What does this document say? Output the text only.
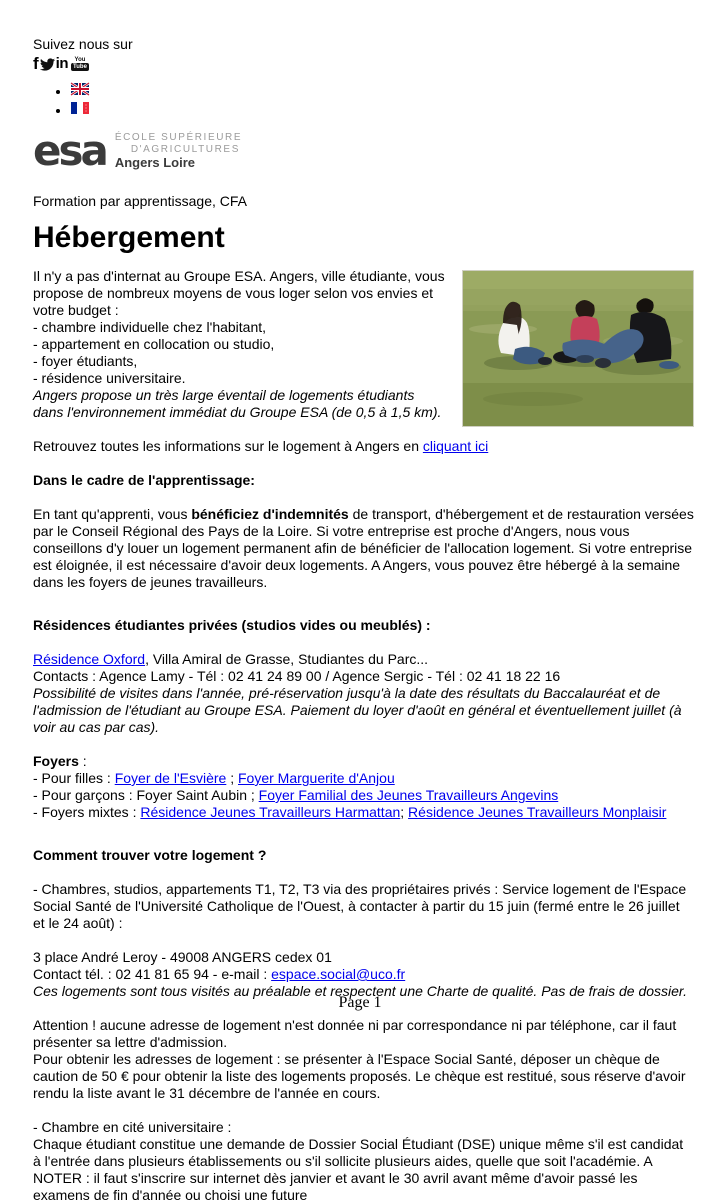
Suivez nous sur
f in You
Tube
•
•
esa ÉCOLE SUPÉRIEURE
D'AGRICULTURES
Angers Loire
Formation par apprentissage, CFA
Hébergement
Il n'y a pas d'internat au Groupe ESA. Angers, ville étudiante, vous propose de nombreux moyens de vous loger selon vos envies et votre budget :
- chambre individuelle chez l'habitant,
- appartement en collocation ou studio,
- foyer étudiants,
- résidence universitaire.
Angers propose un très large éventail de logements étudiants dans l'environnement immédiat du Groupe ESA (de 0,5 à 1,5 km).
Retrouvez toutes les informations sur le logement à Angers en cliquant ici
Dans le cadre de l'apprentissage:
En tant qu'apprenti, vous bénéficiez d'indemnités de transport, d'hébergement et de restauration versées par le Conseil Régional des Pays de la Loire. Si votre entreprise est proche d'Angers, nous vous conseillons d'y louer un logement permanent afin de bénéficier de l'allocation logement. Si votre entreprise est éloignée, il est nécessaire d'avoir deux logements. A Angers, vous pouvez être hébergé à la semaine dans les foyers de jeunes travailleurs.
Résidences étudiantes privées (studios vides ou meublés) :
Résidence Oxford, Villa Amiral de Grasse, Studiantes du Parc...
Contacts : Agence Lamy - Tél : 02 41 24 89 00 / Agence Sergic - Tél : 02 41 18 22 16
Possibilité de visites dans l'année, pré-réservation jusqu'à la date des résultats du Baccalauréat et de l'admission de l'étudiant au Groupe ESA. Paiement du loyer d'août en général et éventuellement juillet (à voir au cas par cas).
Foyers :
- Pour filles : Foyer de l'Esvière ; Foyer Marguerite d'Anjou
- Pour garçons : Foyer Saint Aubin ; Foyer Familial des Jeunes Travailleurs Angevins
- Foyers mixtes : Résidence Jeunes Travailleurs Harmattan; Résidence Jeunes Travailleurs Monplaisir
Comment trouver votre logement ?
- Chambres, studios, appartements T1, T2, T3 via des propriétaires privés : Service logement de l'Espace Social Santé de l'Université Catholique de l'Ouest, à contacter à partir du 15 juin (fermé entre le 26 juillet et le 24 août) :
3 place André Leroy - 49008 ANGERS cedex 01
Contact tél. : 02 41 81 65 94 - e-mail : espace.social@uco.fr
Ces logements sont tous visités au préalable et respectent une Charte de qualité. Pas de frais de dossier.
Attention ! aucune adresse de logement n'est donnée ni par correspondance ni par téléphone, car il faut présenter sa lettre d'admission.
Pour obtenir les adresses de logement : se présenter à l'Espace Social Santé, déposer un chèque de caution de 50 € pour obtenir la liste des logements proposés. Le chèque est restitué, sous réserve d'avoir rendu la liste avant le 31 décembre de l'année en cours.
- Chambre en cité universitaire :
Chaque étudiant constitue une demande de Dossier Social Étudiant (DSE) unique même s'il est candidat à l'entrée dans plusieurs établissements ou s'il sollicite plusieurs aides, quelle que soit l'académie. A NOTER : il faut s'inscrire sur internet dès janvier et avant le 30 avril avant même d'avoir passé les examens de fin d'année ou choisi une future
Page 1
